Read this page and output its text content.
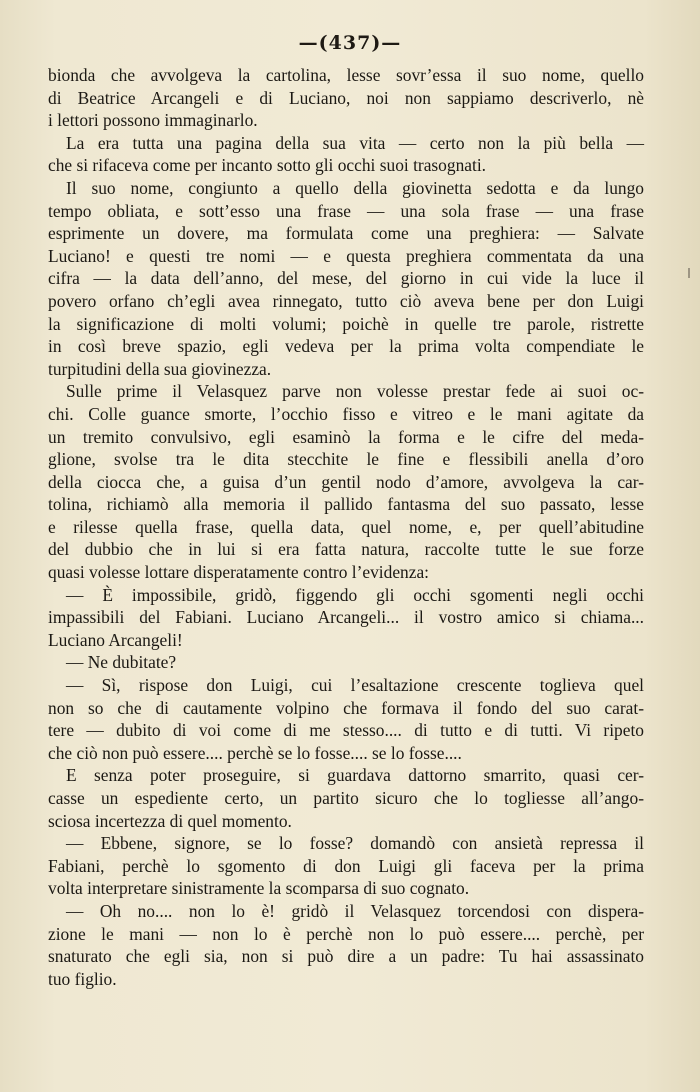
—(437)—

bionda che avvolgeva la cartolina, lesse sovr’essa il suo nome, quello
di Beatrice Arcangeli e di Luciano, noi non sappiamo descriverlo, nè
i lettori possono immaginarlo.

La era tutta una pagina della sua vita — certo non la più bella —
che si rifaceva come per incanto sotto gli occhi suoi trasognati.

Il suo nome, congiunto a quello della giovinetta sedotta e da lungo
tempo obliata, e sott’esso una frase — una sola frase — una frase
esprimente un dovere, ma formulata come una preghiera: — Salvate
Luciano! e questi tre nomi — e questa preghiera commentata da una
cifra — la data dell’anno, del mese, del giorno in cui vide la luce il
povero orfano ch’egli avea rinnegato, tutto ciò aveva bene per don Luigi
la significazione di molti volumi; poichè in quelle tre parole, ristrette
in così breve spazio, egli vedeva per la prima volta compendiate le
turpitudini della sua giovinezza.

Sulle prime il Velasquez parve non volesse prestar fede ai suoi oc-
chi. Colle guance smorte, l’occhio fisso e vitreo e le mani agitate da
un tremito convulsivo, egli esaminò la forma e le cifre del meda-
glione, svolse tra le dita stecchite le fine e flessibili anella d’oro
della ciocca che, a guisa d’un gentil nodo d’amore, avvolgeva la car-
tolina, richiamò alla memoria il pallido fantasma del suo passato, lesse
e rilesse quella frase, quella data, quel nome, e, per quell’abitudine
del dubbio che in lui si era fatta natura, raccolte tutte le sue forze
quasi volesse lottare disperatamente contro l’evidenza:

— È impossibile, gridò, figgendo gli occhi sgomenti negli occhi
impassibili del Fabiani. Luciano Arcangeli... il vostro amico si chiama...
Luciano Arcangeli!

— Ne dubitate?

— Sì, rispose don Luigi, cui l’esaltazione crescente toglieva quel
non so che di cautamente volpino che formava il fondo del suo carat-
tere — dubito di voi come di me stesso.... di tutto e di tutti. Vi ripeto
che ciò non può essere.... perchè se lo fosse.... se lo fosse....

E senza poter proseguire, si guardava dattorno smarrito, quasi cer-
casse un espediente certo, un partito sicuro che lo togliesse all’ango-
sciosa incertezza di quel momento.

— Ebbene, signore, se lo fosse? domandò con ansietà repressa il
Fabiani, perchè lo sgomento di don Luigi gli faceva per la prima
volta interpretare sinistramente la scomparsa di suo cognato.

— Oh no.... non lo è! gridò il Velasquez torcendosi con dispera-
zione le mani — non lo è perchè non lo può essere.... perchè, per
snaturato che egli sia, non si può dire a un padre: Tu hai assassinato
tuo figlio.
